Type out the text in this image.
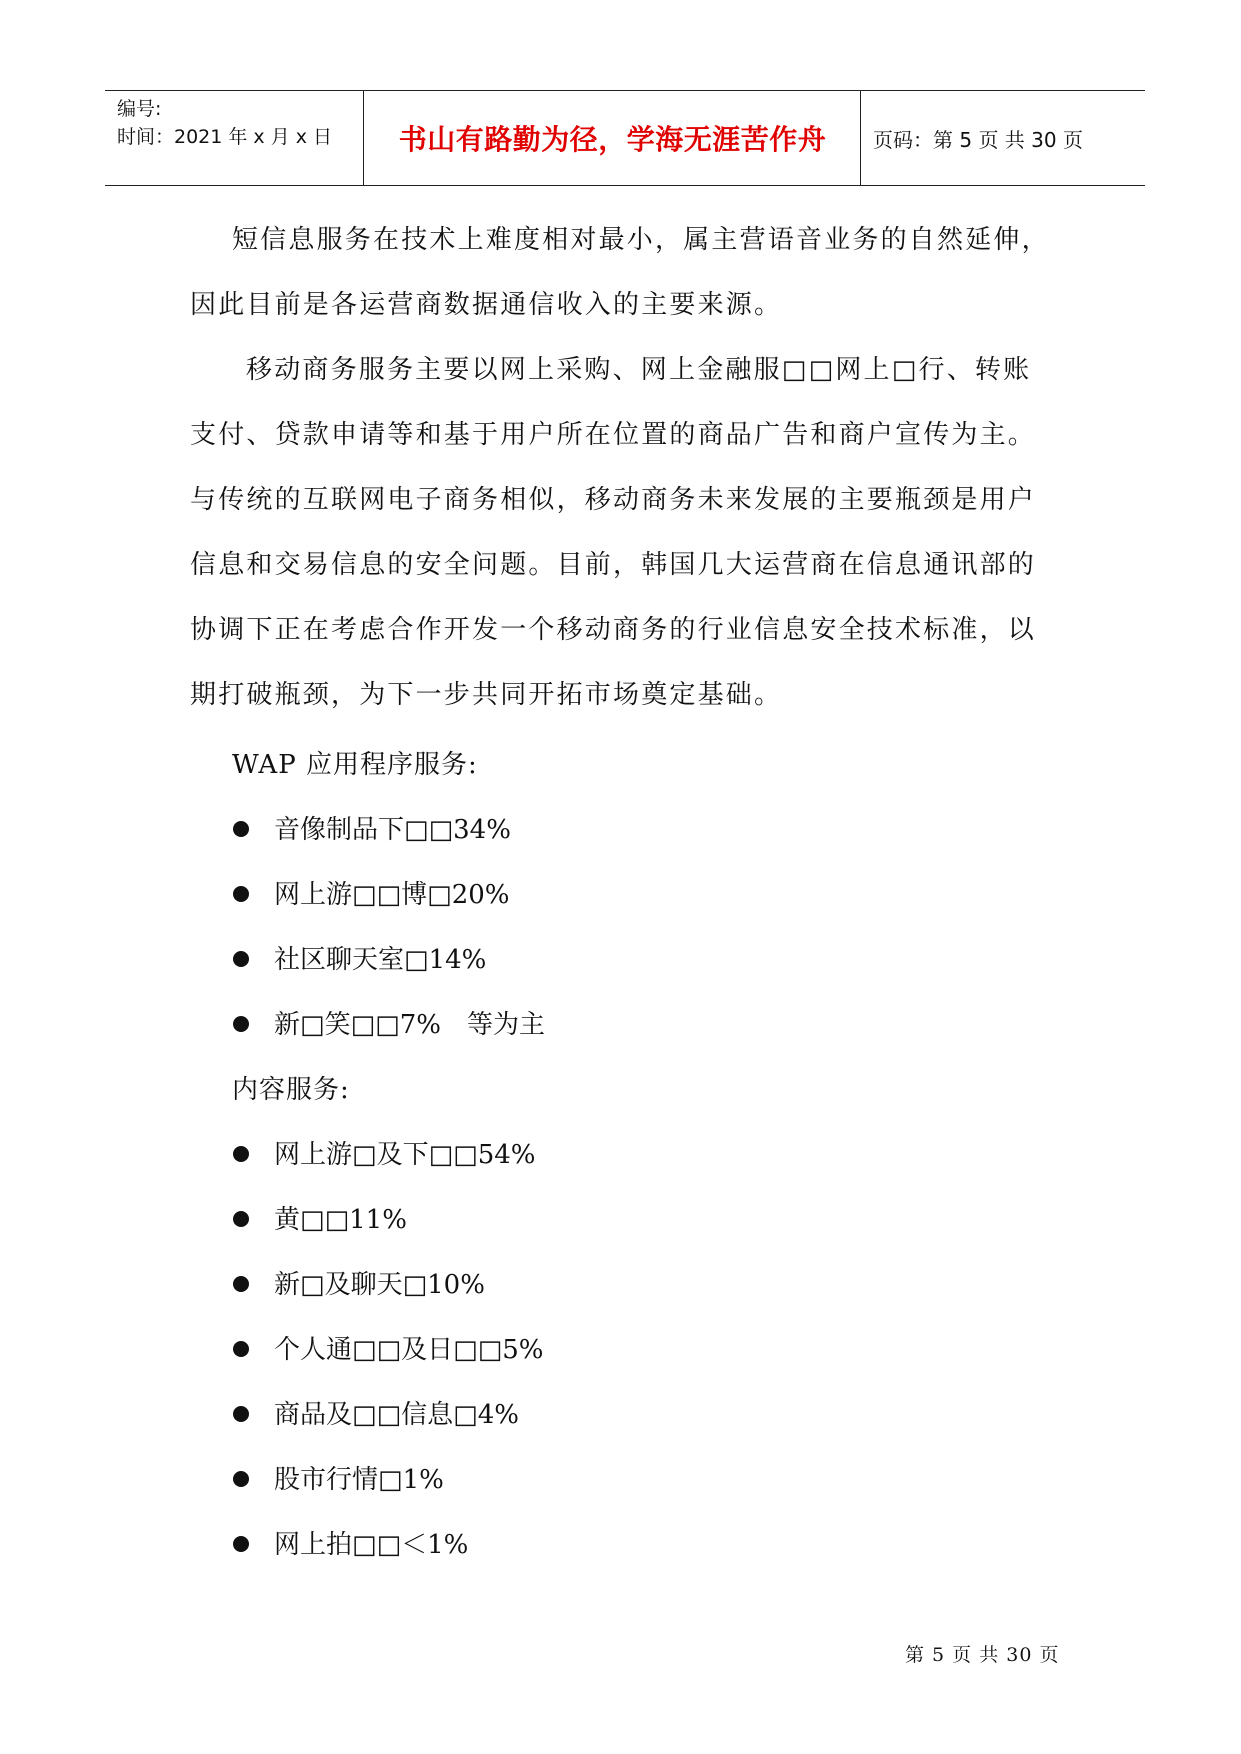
编号:
时间：2021 年 x 月 x 日	书山有路勤为径，学海无涯苦作舟	页码：第 5 页 共 30 页
短信息服务在技术上难度相对最小，属主营语音业务的自然延伸，
因此目前是各运营商数据通信收入的主要来源。
移动商务服务主要以网上采购、网上金融服□□网上□行、转账
支付、贷款申请等和基于用户所在位置的商品广告和商户宣传为主。
与传统的互联网电子商务相似，移动商务未来发展的主要瓶颈是用户
信息和交易信息的安全问题。目前，韩国几大运营商在信息通讯部的
协调下正在考虑合作开发一个移动商务的行业信息安全技术标准，以
期打破瓶颈，为下一步共同开拓市场奠定基础。
WAP 应用程序服务:
音像制品下□□34%
网上游□□博□20%
社区聊天室□14%
新□笑□□7%　等为主
内容服务:
网上游□及下□□54%
黄□□11%
新□及聊天□10%
个人通□□及日□□5%
商品及□□信息□4%
股市行情□1%
网上拍□□＜1%
第 5 页 共 30 页
